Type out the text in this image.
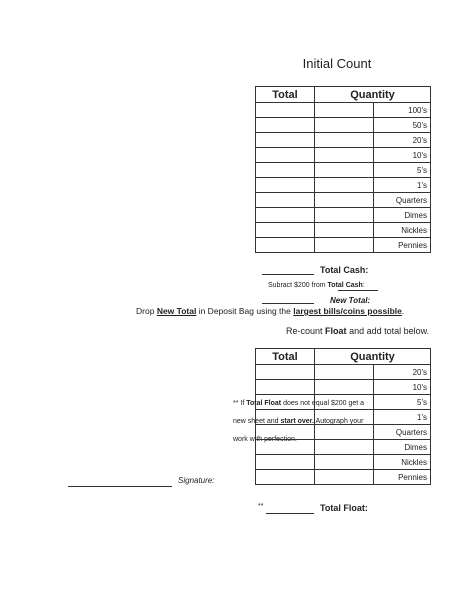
Initial Count
Total	Quantity	
		100's
		50's
		20's
		10's
		5's
		1's
		Quarters
		Dimes
		Nickles
		Pennies
Total Cash:
Subract $200 from Total Cash:
New Total:
Drop New Total in Deposit Bag using the largest bills/coins possible.
Re-count Float and add total below.
Total	Quantity	
		20's
		10's
		5's
		1's
		Quarters
		Dimes
		Nickles
		Pennies
** If Total Float does not equal $200 get a
new sheet and start over. Autograph your
work with perfection.
Signature:
**	Total Float:
